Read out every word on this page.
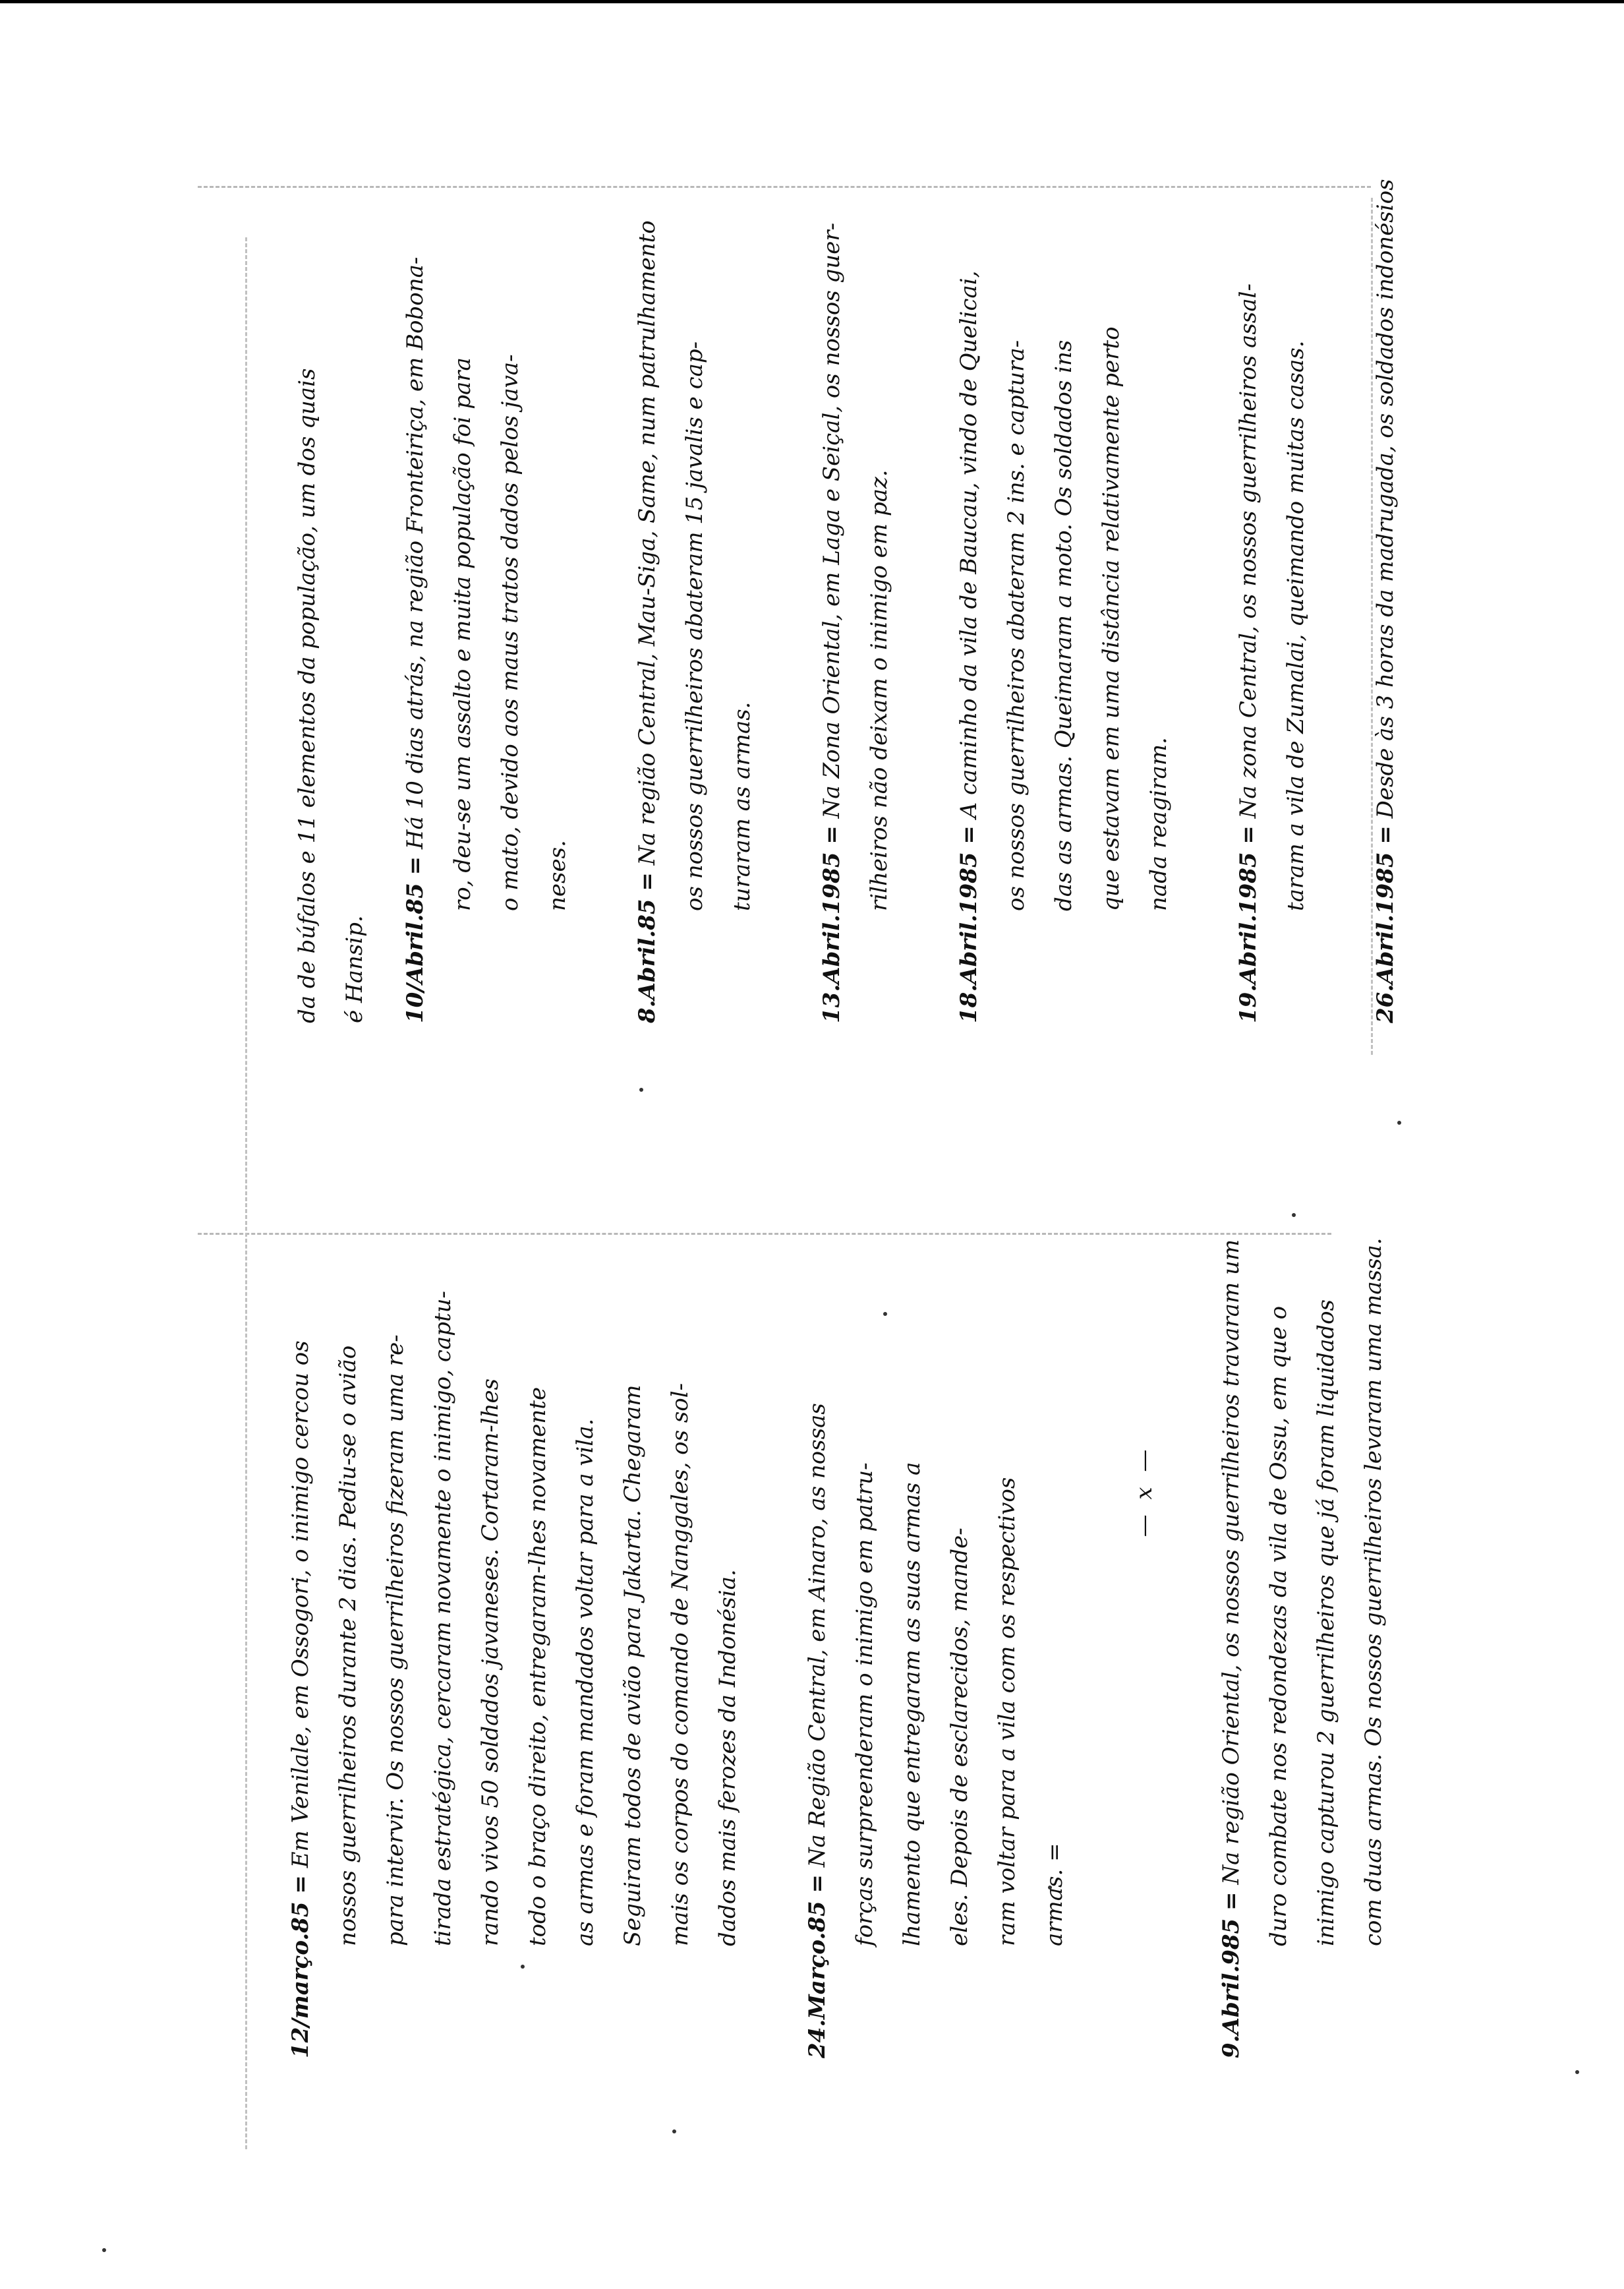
12/março.85 = Em Venilale, em Ossogori, o inimigo cercou os nossos guerrilheiros durante 2 dias. Pediu-se o avião para intervir. Os nossos guerrilheiros fizeram uma re- tirada estratégica, cercaram novamente o inimigo, captu- rando vivos 50 soldados javaneses. Cortaram-lhes todo o braço direito, entregaram-lhes novamente as armas e foram mandados voltar para a vila. Seguiram todos de avião para Jakarta. Chegaram mais os corpos do comando de Nanggales, os sol- dados mais ferozes da Indonésia.
24.Março.85 = Na Região Central, em Ainaro, as nossas forças surpreenderam o inimigo em patru- lhamento que entregaram as suas armas a eles. Depois de esclarecidos, mande- ram voltar para a vila com os respectivos armas. =
— x —
9.Abril.985 = Na região Oriental, os nossos guerrilheiros travaram um duro combate nos redondezas da vila de Ossu, em que o inimigo capturou 2 guerrilheiros que já foram liquidados com duas armas. Os nossos guerrilheiros levaram uma massa.
da de búfalos e 11 elementos da população, um dos quais é Hansip.	10/Abril.85 = Há 10 dias atrás, na região Fronteiriça, em Bobona- ro, deu-se um assalto e muita população foi para o mato, devido aos maus tratos dados pelos java- neses.	8.Abril.85 = Na região Central, Mau-Siga, Same, num patrulhamento os nossos guerrilheiros abateram 15 javalis e cap- turaram as armas.
13.Abril.1985 = Na Zona Oriental, em Laga e Seiçal, os nossos guer- rilheiros não deixam o inimigo em paz.
18.Abril.1985 = A caminho da vila de Baucau, vindo de Quelicai, os nossos guerrilheiros abateram 2 ins. e captura- das as armas. Queimaram a moto. Os soldados ins que estavam em uma distância relativamente perto nada reagiram.
19.Abril.1985 = Na zona Central, os nossos guerrilheiros assal- taram a vila de Zumalai, queimando muitas casas.
26.Abril.1985 = Desde às 3 horas da madrugada, os soldados indonésios
